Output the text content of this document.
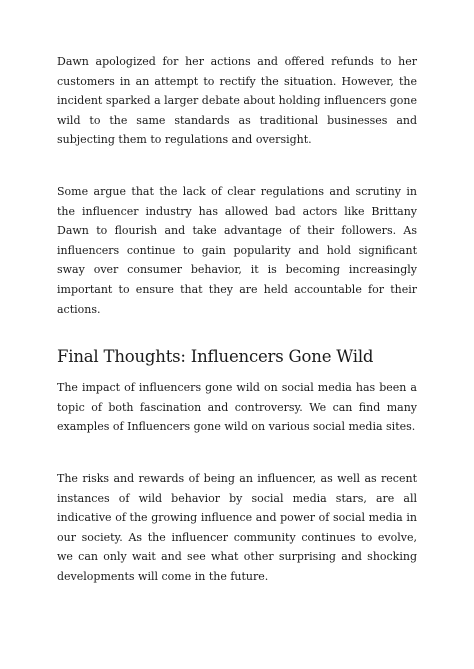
Dawn apologized for her actions and offered refunds to her customers in an attempt to rectify the situation. However, the incident sparked a larger debate about holding influencers gone wild to the same standards as traditional businesses and subjecting them to regulations and oversight.

Some argue that the lack of clear regulations and scrutiny in the influencer industry has allowed bad actors like Brittany Dawn to flourish and take advantage of their followers. As influencers continue to gain popularity and hold significant sway over consumer behavior, it is becoming increasingly important to ensure that they are held accountable for their actions.

Final Thoughts: Influencers Gone Wild

The impact of influencers gone wild on social media has been a topic of both fascination and controversy. We can find many examples of Influencers gone wild on various social media sites.

The risks and rewards of being an influencer, as well as recent instances of wild behavior by social media stars, are all indicative of the growing influence and power of social media in our society. As the influencer community continues to evolve, we can only wait and see what other surprising and shocking developments will come in the future.
